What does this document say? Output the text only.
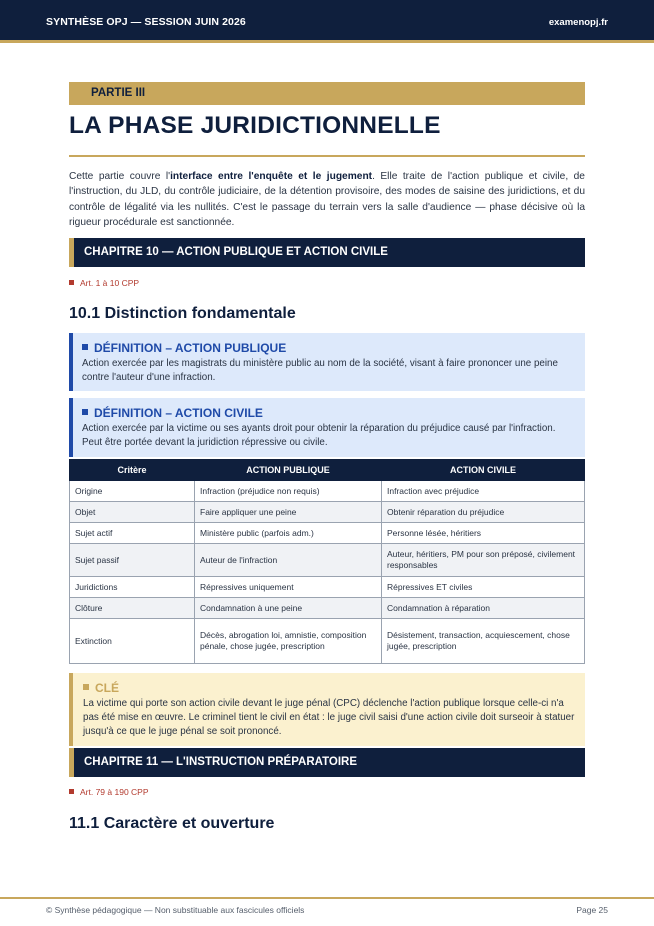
SYNTHÈSE OPJ — SESSION JUIN 2026	examenopj.fr
PARTIE III
LA PHASE JURIDICTIONNELLE

Cette partie couvre l'interface entre l'enquête et le jugement. Elle traite de l'action publique et civile, de l'instruction, du JLD, du contrôle judiciaire, de la détention provisoire, des modes de saisine des juridictions, et du contrôle de légalité via les nullités. C'est le passage du terrain vers la salle d'audience — phase décisive où la rigueur procédurale est sanctionnée.

CHAPITRE 10 — ACTION PUBLIQUE ET ACTION CIVILE
Art. 1 à 10 CPP
10.1 Distinction fondamentale
DÉFINITION – ACTION PUBLIQUE
Action exercée par les magistrats du ministère public au nom de la société, visant à faire prononcer une peine contre l'auteur d'une infraction.
DÉFINITION – ACTION CIVILE
Action exercée par la victime ou ses ayants droit pour obtenir la réparation du préjudice causé par l'infraction. Peut être portée devant la juridiction répressive ou civile.
Critère	ACTION PUBLIQUE	ACTION CIVILE
Origine	Infraction (préjudice non requis)	Infraction avec préjudice
Objet	Faire appliquer une peine	Obtenir réparation du préjudice
Sujet actif	Ministère public (parfois adm.)	Personne lésée, héritiers
Sujet passif	Auteur de l'infraction	Auteur, héritiers, PM pour son préposé, civilement responsables
Juridictions	Répressives uniquement	Répressives ET civiles
Clôture	Condamnation à une peine	Condamnation à réparation
Extinction	Décès, abrogation loi, amnistie, composition pénale, chose jugée, prescription	Désistement, transaction, acquiescement, chose jugée, prescription
CLÉ
La victime qui porte son action civile devant le juge pénal (CPC) déclenche l'action publique lorsque celle-ci n'a pas été mise en œuvre. Le criminel tient le civil en état : le juge civil saisi d'une action civile doit surseoir à statuer jusqu'à ce que le juge pénal se soit prononcé.
CHAPITRE 11 — L'INSTRUCTION PRÉPARATOIRE
Art. 79 à 190 CPP
11.1 Caractère et ouverture
© Synthèse pédagogique — Non substituable aux fascicules officiels	Page 25
